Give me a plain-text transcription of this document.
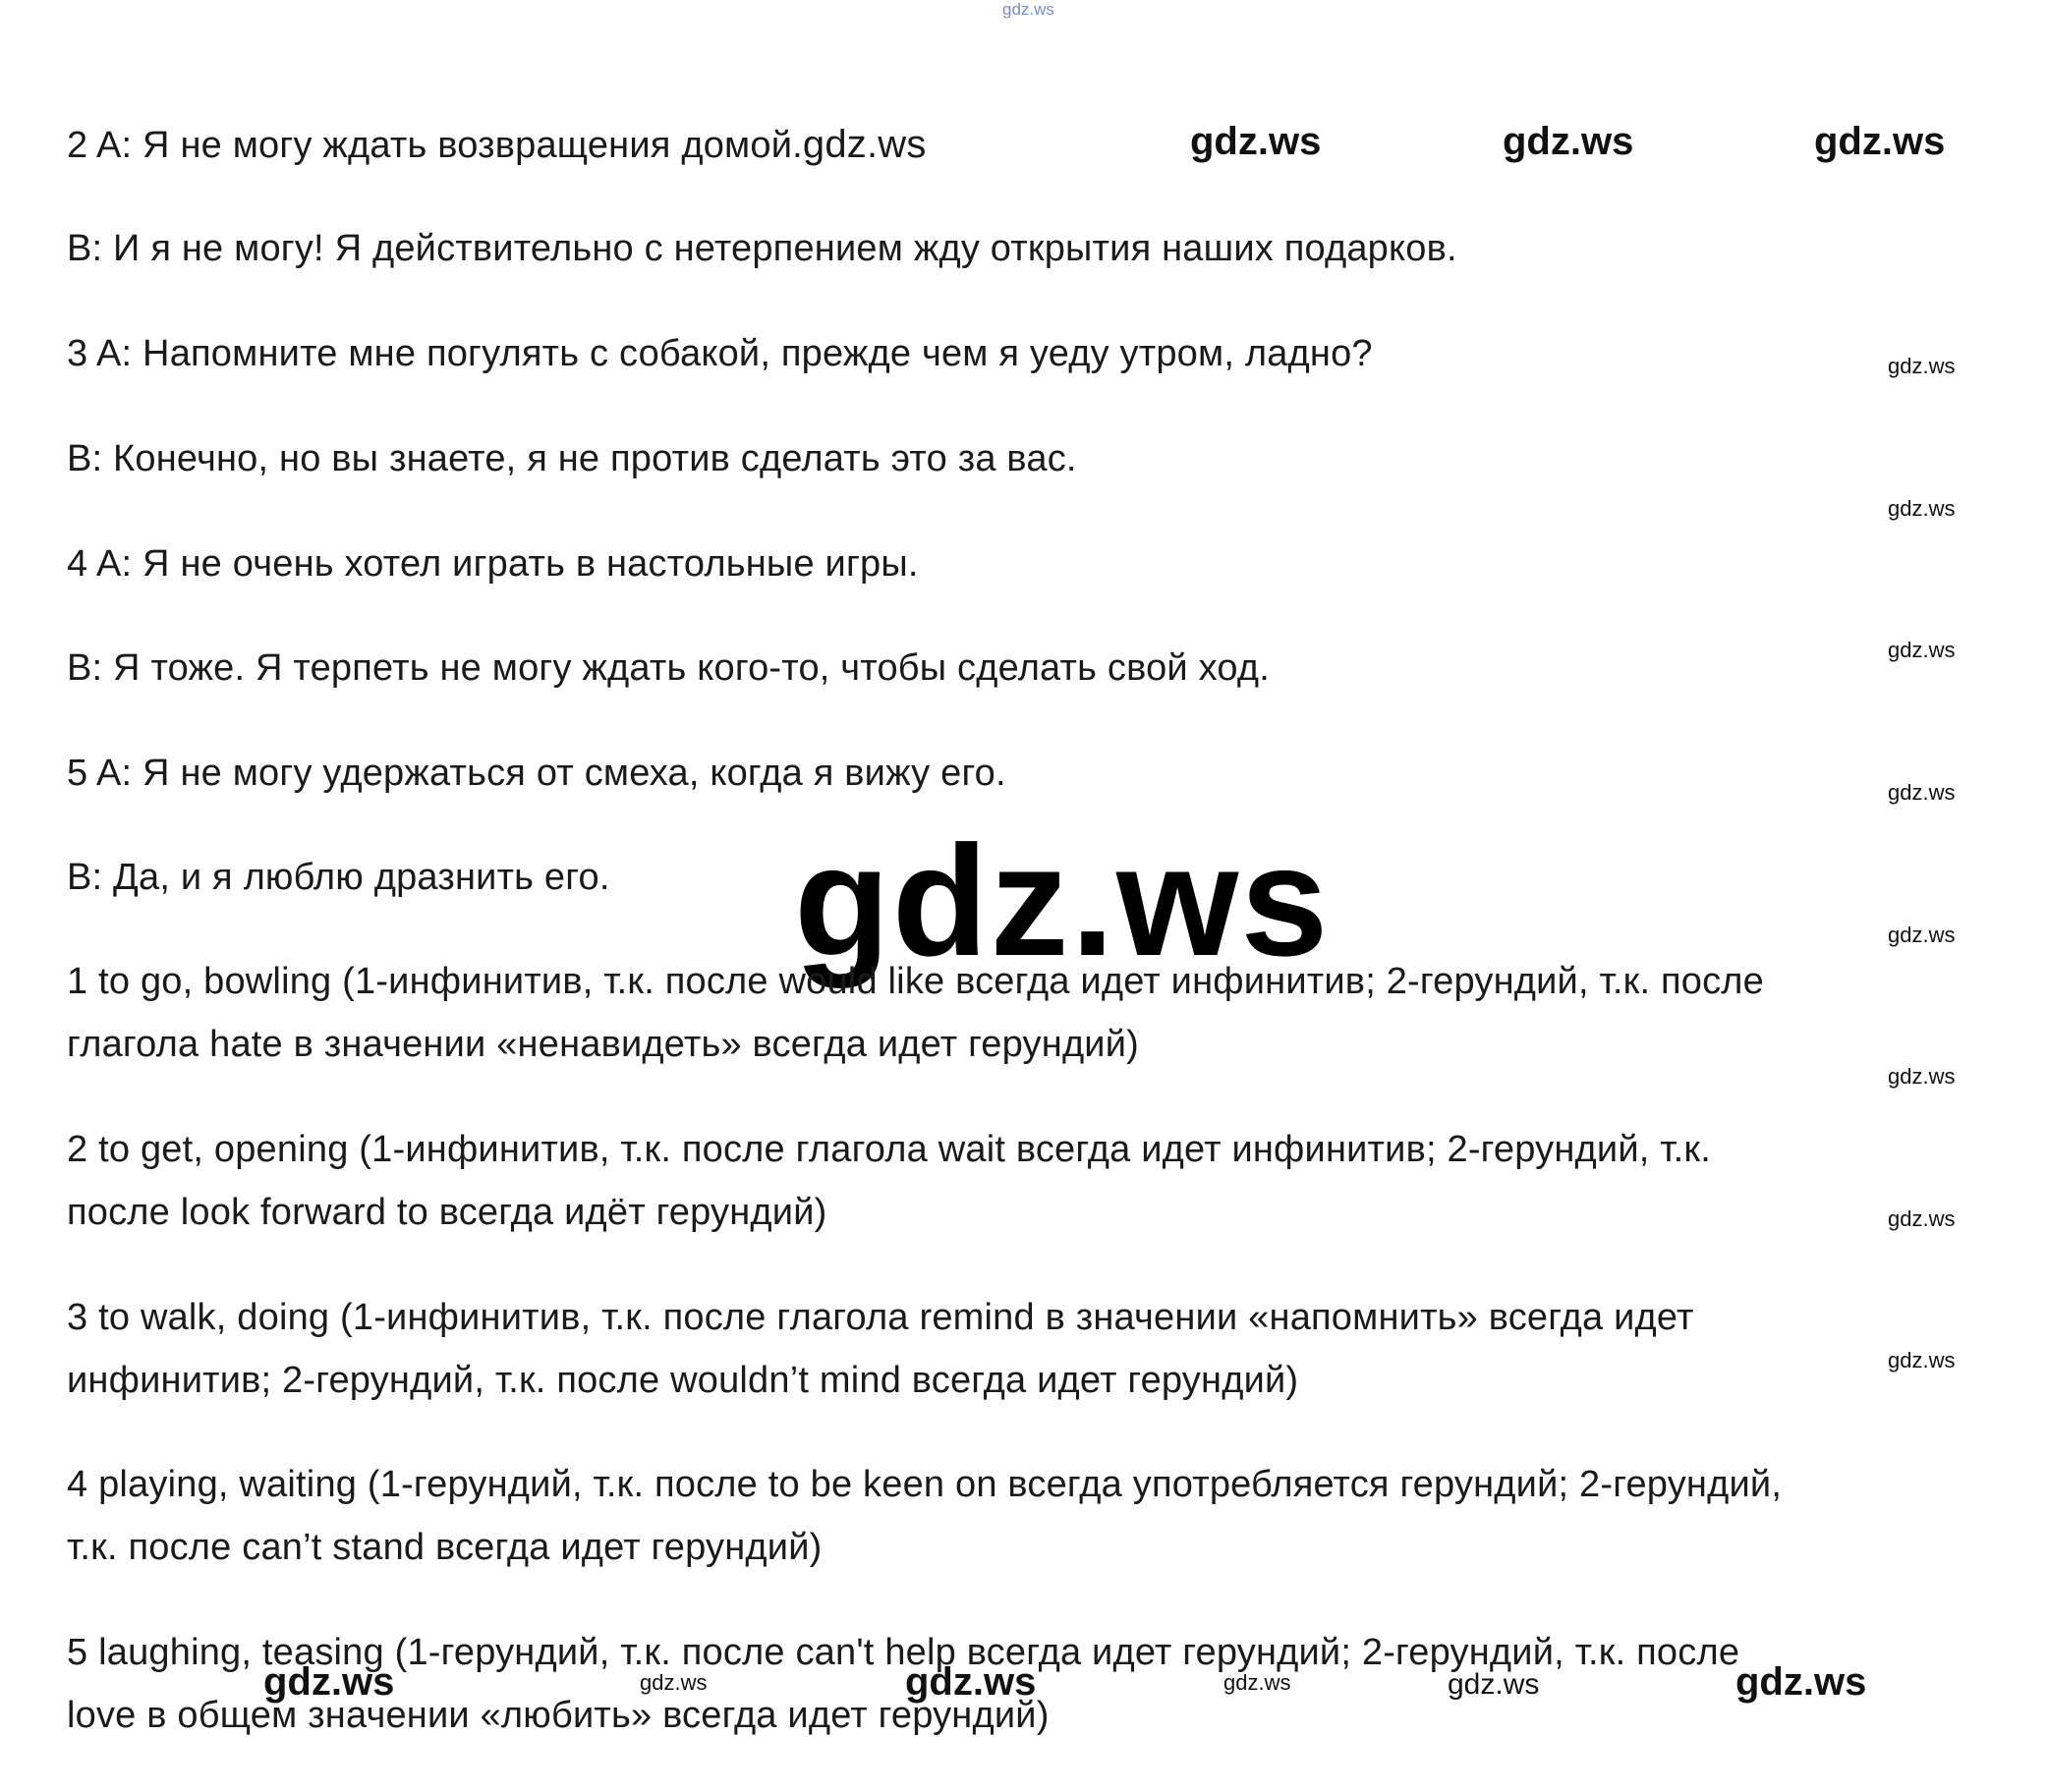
gdz.ws
2 A: Я не могу ждать возвращения домой.gdz.ws	gdz.ws	gdz.ws	gdz.ws
В: И я не могу! Я действительно с нетерпением жду открытия наших подарков.
3 A: Напомните мне погулять с собакой, прежде чем я уеду утром, ладно?
В: Конечно, но вы знаете, я не против сделать это за вас.
4 A: Я не очень хотел играть в настольные игры.
В: Я тоже. Я терпеть не могу ждать кого-то, чтобы сделать свой ход.
5 A: Я не могу удержаться от смеха, когда я вижу его.
В: Да, и я люблю дразнить его.
gdz.ws
gdz.ws
gdz.ws
gdz.ws
gdz.ws
gdz.ws
gdz.ws
gdz.ws
gdz.ws
1 to go, bowling (1-инфинитив, т.к. после would like всегда идет инфинитив; 2-герундий, т.к. после
глагола hate в значении «ненавидеть» всегда идет герундий)
2 to get, opening (1-инфинитив, т.к. после глагола wait всегда идет инфинитив; 2-герундий, т.к.
после look forward to всегда идёт герундий)
3 to walk, doing (1-инфинитив, т.к. после глагола remind в значении «напомнить» всегда идет
инфинитив; 2-герундий, т.к. после wouldn’t mind всегда идет герундий)
4 playing, waiting (1-герундий, т.к. после to be keen on всегда употребляется герундий; 2-герундий,
т.к. после can’t stand всегда идет герундий)
5 laughing, teasing (1-герундий, т.к. после can't help всегда идет герундий; 2-герундий, т.к. после
love в общем значении «любить» всегда идет герундий)
gdz.ws	gdz.ws	gdz.ws	gdz.ws	gdz.ws	gdz.ws
